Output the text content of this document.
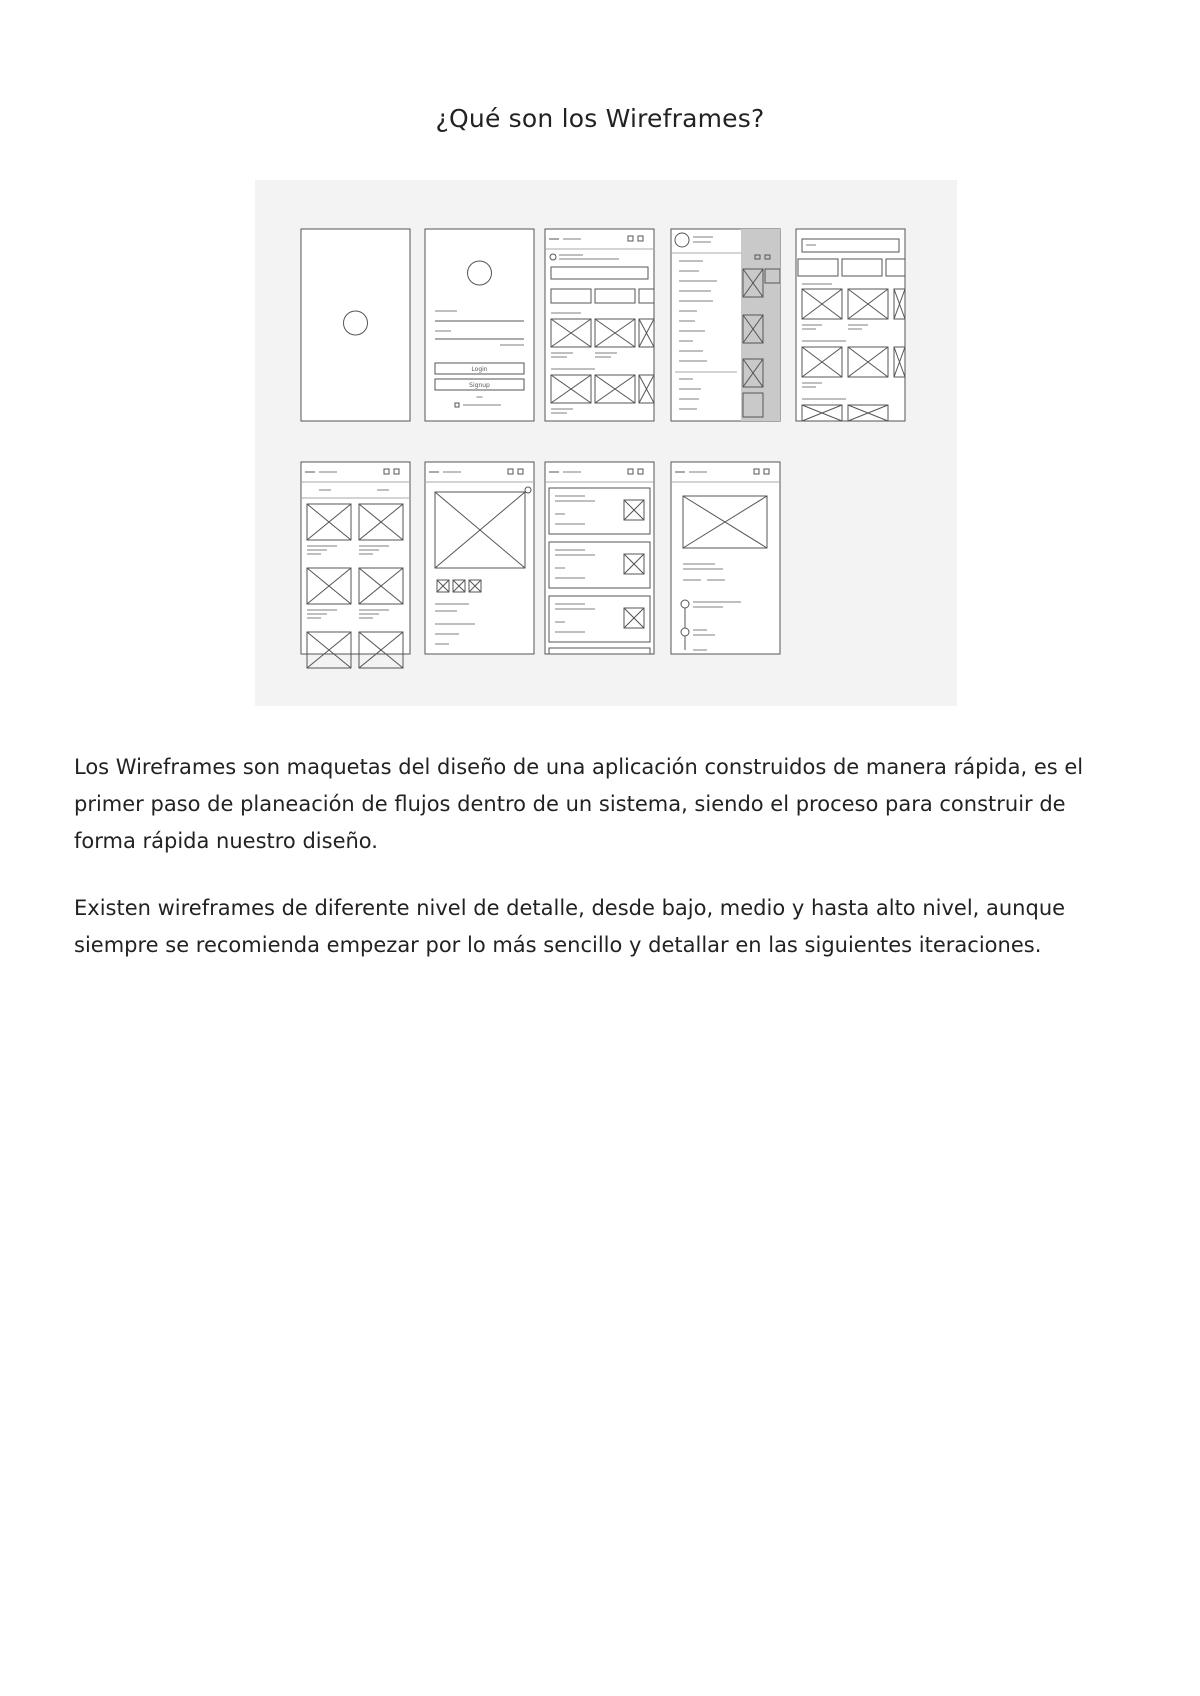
¿Qué son los Wireframes?
Login
Signup

Los Wireframes son maquetas del diseño de una aplicación construidos de manera rápida, es el primer paso de planeación de flujos dentro de un sistema, siendo el proceso para construir de forma rápida nuestro diseño.

Existen wireframes de diferente nivel de detalle, desde bajo, medio y hasta alto nivel, aunque siempre se recomienda empezar por lo más sencillo y detallar en las siguientes iteraciones.
